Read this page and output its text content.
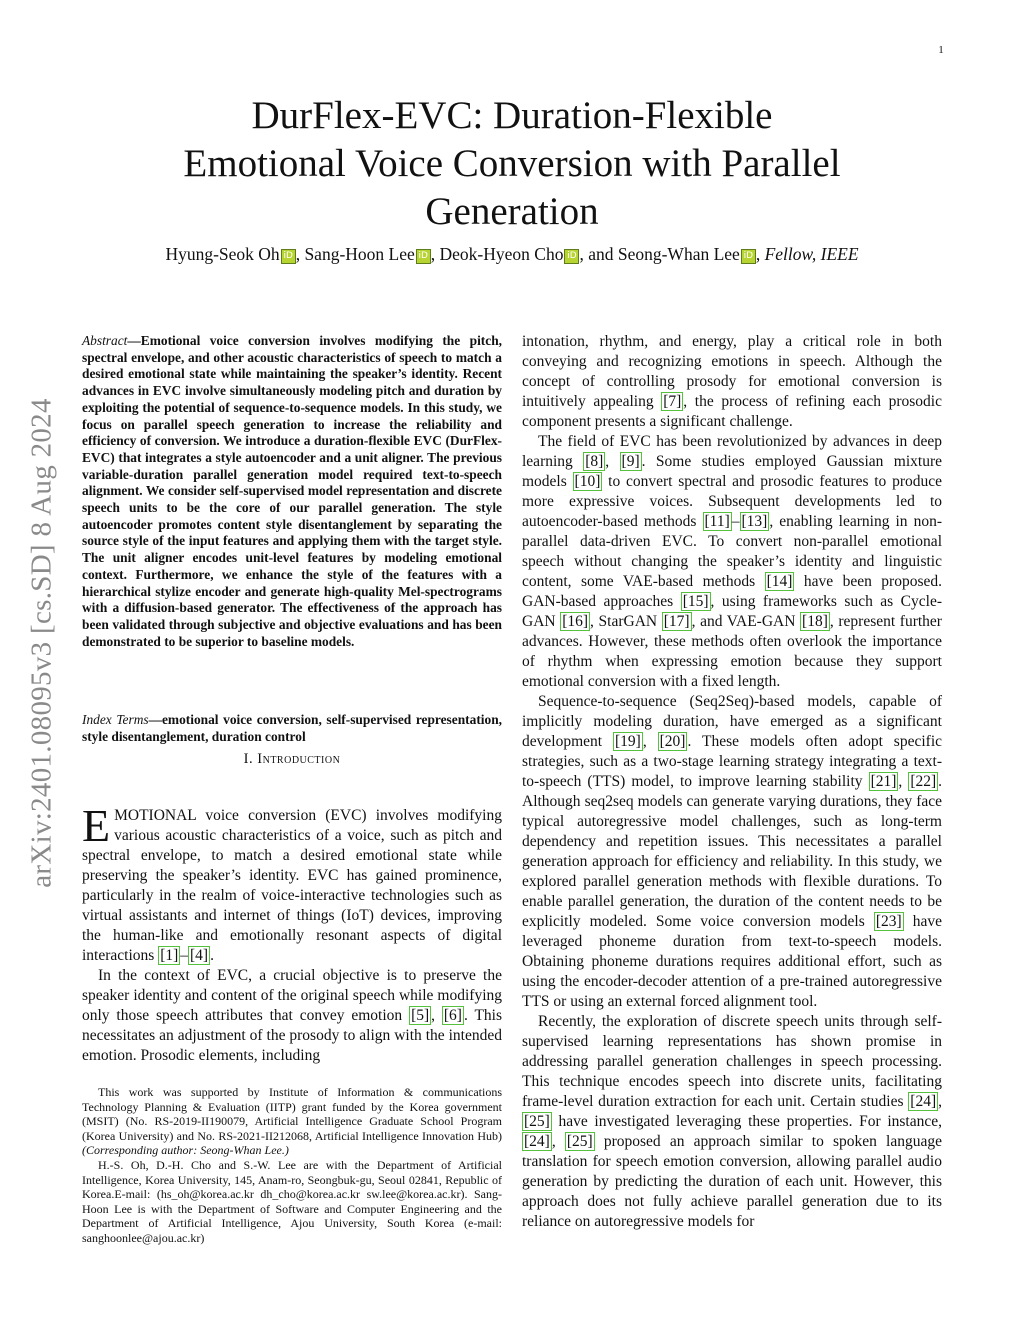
1
arXiv:2401.08095v3 [cs.SD] 8 Aug 2024
DurFlex-EVC: Duration-Flexible
Emotional Voice Conversion with Parallel
Generation
Hyung-Seok Oh iD , Sang-Hoon Lee iD , Deok-Hyeon Cho iD , and Seong-Whan Lee iD , Fellow, IEEE
Abstract—Emotional voice conversion involves modifying the pitch, spectral envelope, and other acoustic characteristics of speech to match a desired emotional state while maintaining the speaker’s identity. Recent advances in EVC involve simultaneously modeling pitch and duration by exploiting the potential of sequence-to-sequence models. In this study, we focus on parallel speech generation to increase the reliability and efficiency of conversion. We introduce a duration-flexible EVC (DurFlex-EVC) that integrates a style autoencoder and a unit aligner. The previous variable-duration parallel generation model required text-to-speech alignment. We consider self-supervised model representation and discrete speech units to be the core of our parallel generation. The style autoencoder promotes content style disentanglement by separating the source style of the input features and applying them with the target style. The unit aligner encodes unit-level features by modeling emotional context. Furthermore, we enhance the style of the features with a hierarchical stylize encoder and generate high-quality Mel-spectrograms with a diffusion-based generator. The effectiveness of the approach has been validated through subjective and objective evaluations and has been demonstrated to be superior to baseline models.
Index Terms—emotional voice conversion, self-supervised representation, style disentanglement, duration control
I. Introduction

EMOTIONAL voice conversion (EVC) involves modifying various acoustic characteristics of a voice, such as pitch and spectral envelope, to match a desired emotional state while preserving the speaker’s identity. EVC has gained prominence, particularly in the realm of voice-interactive technologies such as virtual assistants and internet of things (IoT) devices, improving the human-like and emotionally resonant aspects of digital interactions [1] – [4] .

In the context of EVC, a crucial objective is to preserve the speaker identity and content of the original speech while modifying only those speech attributes that convey emotion [5] , [6] . This necessitates an adjustment of the prosody to align with the intended emotion. Prosodic elements, including

This work was supported by Institute of Information & communications Technology Planning & Evaluation (IITP) grant funded by the Korea government (MSIT) (No. RS-2019-II190079, Artificial Intelligence Graduate School Program (Korea University) and No. RS-2021-II212068, Artificial Intelligence Innovation Hub) (Corresponding author: Seong-Whan Lee.)

H.-S. Oh, D.-H. Cho and S.-W. Lee are with the Department of Artificial Intelligence, Korea University, 145, Anam-ro, Seongbuk-gu, Seoul 02841, Republic of Korea.E-mail: (hs_oh@korea.ac.kr dh_cho@korea.ac.kr sw.lee@korea.ac.kr). Sang-Hoon Lee is with the Department of Software and Computer Engineering and the Department of Artificial Intelligence, Ajou University, South Korea (e-mail: sanghoonlee@ajou.ac.kr)

intonation, rhythm, and energy, play a critical role in both conveying and recognizing emotions in speech. Although the concept of controlling prosody for emotional conversion is intuitively appealing [7] , the process of refining each prosodic component presents a significant challenge.

The field of EVC has been revolutionized by advances in deep learning [8] , [9] . Some studies employed Gaussian mixture models [10] to convert spectral and prosodic features to produce more expressive voices. Subsequent developments led to autoencoder-based methods [11] – [13] , enabling learning in non-parallel data-driven EVC. To convert non-parallel emotional speech without changing the speaker’s identity and linguistic content, some VAE-based methods [14] have been proposed. GAN-based approaches [15] , using frameworks such as Cycle-GAN [16] , StarGAN [17] , and VAE-GAN [18] , represent further advances. However, these methods often overlook the importance of rhythm when expressing emotion because they support emotional conversion with a fixed length.

Sequence-to-sequence (Seq2Seq)-based models, capable of implicitly modeling duration, have emerged as a significant development [19] , [20] . These models often adopt specific strategies, such as a two-stage learning strategy integrating a text-to-speech (TTS) model, to improve learning stability [21] , [22] . Although seq2seq models can generate varying durations, they face typical autoregressive model challenges, such as long-term dependency and repetition issues. This necessitates a parallel generation approach for efficiency and reliability. In this study, we explored parallel generation methods with flexible durations. To enable parallel generation, the duration of the content needs to be explicitly modeled. Some voice conversion models [23] have leveraged phoneme duration from text-to-speech models. Obtaining phoneme durations requires additional effort, such as using the encoder-decoder attention of a pre-trained autoregressive TTS or using an external forced alignment tool.

Recently, the exploration of discrete speech units through self-supervised learning representations has shown promise in addressing parallel generation challenges in speech processing. This technique encodes speech into discrete units, facilitating frame-level duration extraction for each unit. Certain studies [24] , [25] have investigated leveraging these properties. For instance, [24] , [25] proposed an approach similar to spoken language translation for speech emotion conversion, allowing parallel audio generation by predicting the duration of each unit. However, this approach does not fully achieve parallel generation due to its reliance on autoregressive models for
